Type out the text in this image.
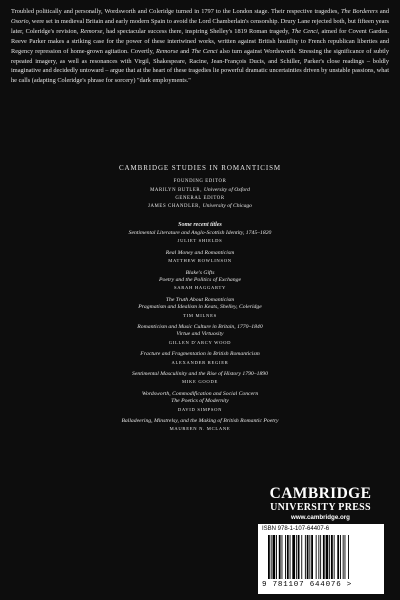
Troubled politically and personally, Wordsworth and Coleridge turned in 1797 to the London stage. Their respective tragedies, The Borderers and Osorio, were set in medieval Britain and early modern Spain to avoid the Lord Chamberlain's censorship. Drury Lane rejected both, but fifteen years later, Coleridge's revision, Remorse, had spectacular success there, inspiring Shelley's 1819 Roman tragedy, The Cenci, aimed for Covent Garden. Reeve Parker makes a striking case for the power of these intertwined works, written against British hostility to French republican liberties and Regency repression of home-grown agitation. Covertly, Remorse and The Cenci also turn against Wordsworth. Stressing the significance of subtly repeated imagery, as well as resonances with Virgil, Shakespeare, Racine, Jean-François Ducis, and Schiller, Parker's close readings – boldly imaginative and decidedly untoward – argue that at the heart of these tragedies lie powerful dramatic uncertainties driven by unstable passions, what he calls (adapting Coleridge's phrase for sorcery) "dark employments."

CAMBRIDGE STUDIES IN ROMANTICISM
FOUNDING EDITOR
MARILYN BUTLER, University of Oxford
GENERAL EDITOR
JAMES CHANDLER, University of Chicago
Some recent titles
Sentimental Literature and Anglo-Scottish Identity, 1745–1820
JULIET SHIELDS
Real Money and Romanticism
MATTHEW ROWLINSON
Blake's Gifts
Poetry and the Politics of Exchange
SARAH HAGGARTY
The Truth About Romanticism
Pragmatism and Idealism in Keats, Shelley, Coleridge
TIM MILNES
Romanticism and Music Culture in Britain, 1770–1840
Virtue and Virtuosity
GILLEN D'ARCY WOOD
Fracture and Fragmentation in British Romanticism
ALEXANDER REGIER
Sentimental Masculinity and the Rise of History 1790–1890
MIKE GOODE
Wordsworth, Commodification and Social Concern
The Poetics of Modernity
DAVID SIMPSON
Balladeering, Minstrelsy, and the Making of British Romantic Poetry
MAUREEN N. MCLANE
CAMBRIDGE
UNIVERSITY PRESS
www.cambridge.org
ISBN 978-1-107-64407-6
9 781107 644076 >
